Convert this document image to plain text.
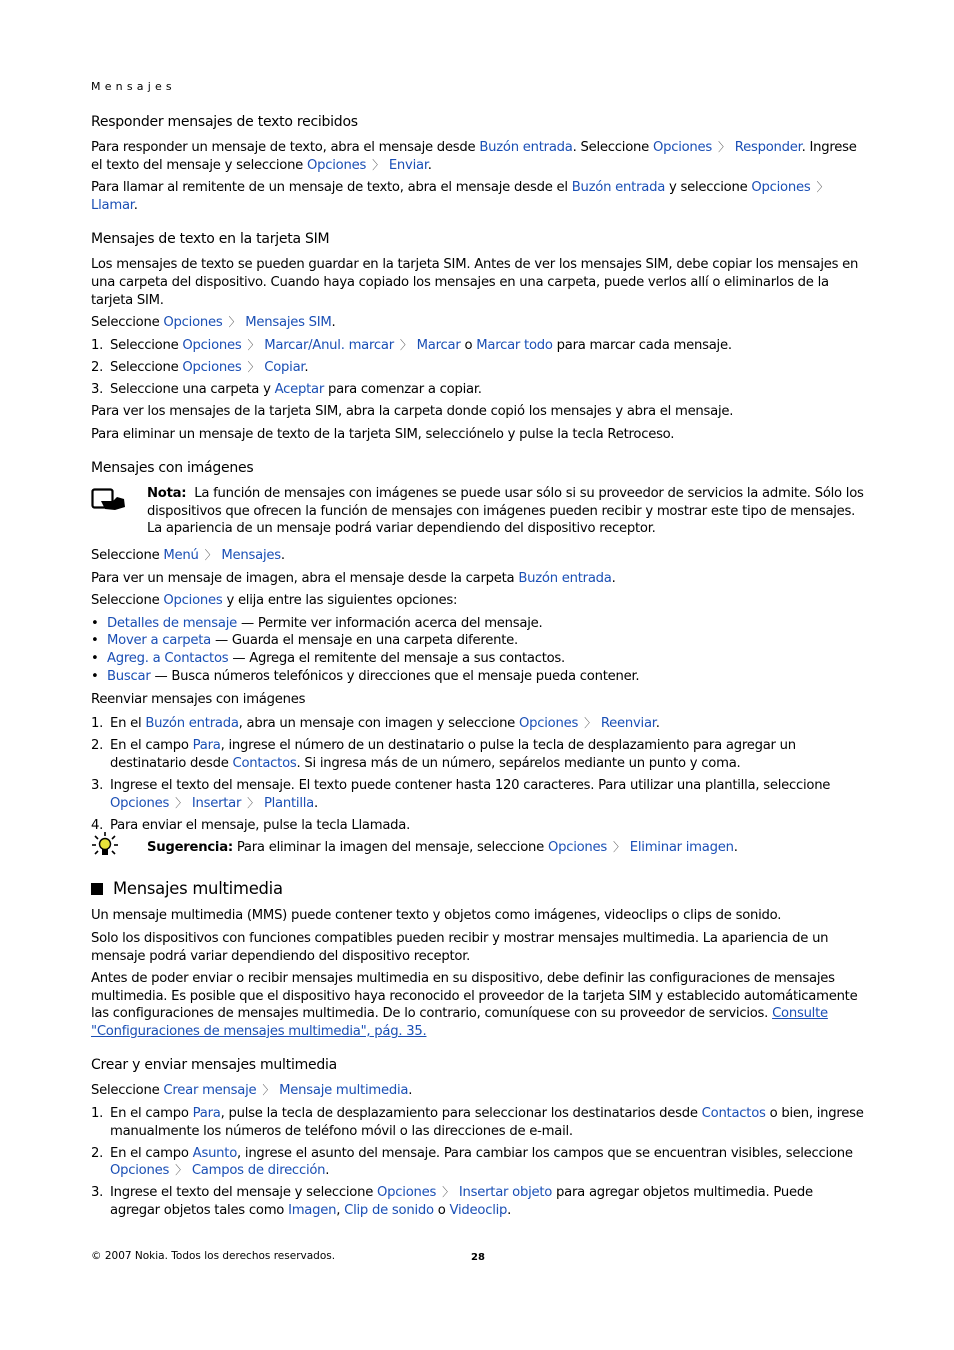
Mensajes
Responder mensajes de texto recibidos

Para responder un mensaje de texto, abra el mensaje desde Buzón entrada. Seleccione Opciones 〉 Responder. Ingrese el texto del mensaje y seleccione Opciones 〉 Enviar.

Para llamar al remitente de un mensaje de texto, abra el mensaje desde el Buzón entrada y seleccione Opciones 〉Llamar.

Mensajes de texto en la tarjeta SIM

Los mensajes de texto se pueden guardar en la tarjeta SIM. Antes de ver los mensajes SIM, debe copiar los mensajes en una carpeta del dispositivo. Cuando haya copiado los mensajes en una carpeta, puede verlos allí o eliminarlos de la tarjeta SIM.

Seleccione Opciones 〉 Mensajes SIM.

1. Seleccione Opciones 〉 Marcar/Anul. marcar 〉 Marcar o Marcar todo para marcar cada mensaje.
2. Seleccione Opciones 〉 Copiar.
3. Seleccione una carpeta y Aceptar para comenzar a copiar.

Para ver los mensajes de la tarjeta SIM, abra la carpeta donde copió los mensajes y abra el mensaje.

Para eliminar un mensaje de texto de la tarjeta SIM, selecciónelo y pulse la tecla Retroceso.

Mensajes con imágenes
Nota: La función de mensajes con imágenes se puede usar sólo si su proveedor de servicios la admite. Sólo los dispositivos que ofrecen la función de mensajes con imágenes pueden recibir y mostrar este tipo de mensajes. La apariencia de un mensaje podrá variar dependiendo del dispositivo receptor.

Seleccione Menú 〉 Mensajes.

Para ver un mensaje de imagen, abra el mensaje desde la carpeta Buzón entrada.

Seleccione Opciones y elija entre las siguientes opciones:

• Detalles de mensaje — Permite ver información acerca del mensaje.
• Mover a carpeta — Guarda el mensaje en una carpeta diferente.
• Agreg. a Contactos — Agrega el remitente del mensaje a sus contactos.
• Buscar — Busca números telefónicos y direcciones que el mensaje pueda contener.
Reenviar mensajes con imágenes
1. En el Buzón entrada, abra un mensaje con imagen y seleccione Opciones 〉 Reenviar.
2. En el campo Para, ingrese el número de un destinatario o pulse la tecla de desplazamiento para agregar un destinatario desde Contactos. Si ingresa más de un número, sepárelos mediante un punto y coma.
3. Ingrese el texto del mensaje. El texto puede contener hasta 120 caracteres. Para utilizar una plantilla, seleccione Opciones 〉 Insertar 〉 Plantilla.
4. Para enviar el mensaje, pulse la tecla Llamada.
Sugerencia: Para eliminar la imagen del mensaje, seleccione Opciones 〉 Eliminar imagen.
Mensajes multimedia

Un mensaje multimedia (MMS) puede contener texto y objetos como imágenes, videoclips o clips de sonido.

Solo los dispositivos con funciones compatibles pueden recibir y mostrar mensajes multimedia. La apariencia de un mensaje podrá variar dependiendo del dispositivo receptor.

Antes de poder enviar o recibir mensajes multimedia en su dispositivo, debe definir las configuraciones de mensajes multimedia. Es posible que el dispositivo haya reconocido el proveedor de la tarjeta SIM y establecido automáticamente las configuraciones de mensajes multimedia. De lo contrario, comuníquese con su proveedor de servicios. Consulte "Configuraciones de mensajes multimedia", pág. 35.

Crear y enviar mensajes multimedia

Seleccione Crear mensaje 〉 Mensaje multimedia.

1. En el campo Para, pulse la tecla de desplazamiento para seleccionar los destinatarios desde Contactos o bien, ingrese manualmente los números de teléfono móvil o las direcciones de e-mail.
2. En el campo Asunto, ingrese el asunto del mensaje. Para cambiar los campos que se encuentran visibles, seleccione Opciones 〉 Campos de dirección.
3. Ingrese el texto del mensaje y seleccione Opciones 〉 Insertar objeto para agregar objetos multimedia. Puede agregar objetos tales como Imagen, Clip de sonido o Videoclip.
© 2007 Nokia. Todos los derechos reservados.	28
